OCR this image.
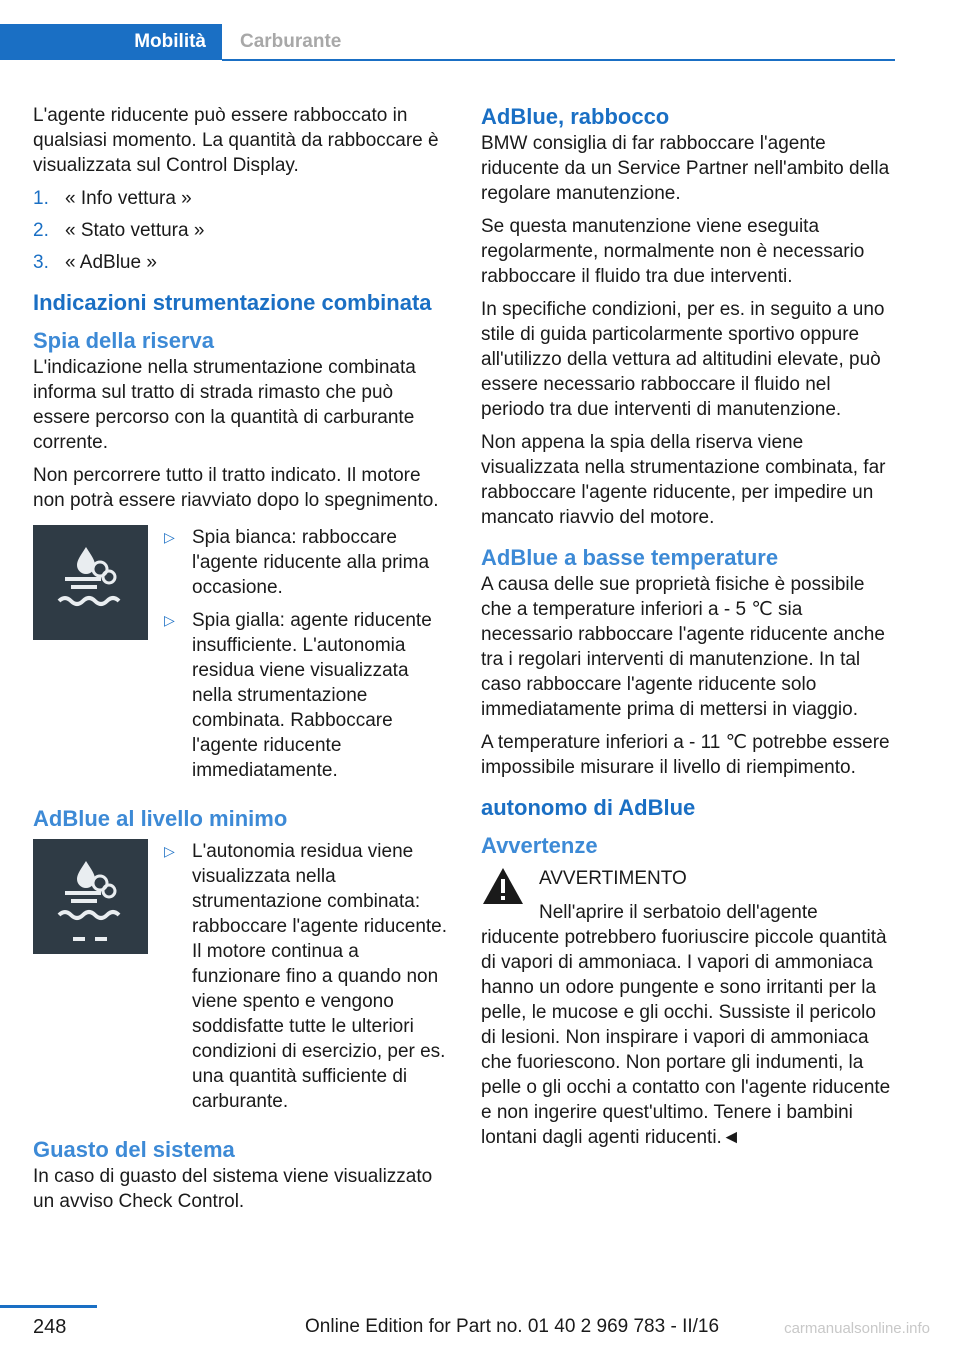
Mobilità	Carburante

L'agente riducente può essere rabboccato in qualsiasi momento. La quantità da rabboccare è visualizzata sul Control Display.

1. « Info vettura »
2. « Stato vettura »
3. « AdBlue »
Indicazioni strumentazione combinata
Spia della riserva

L'indicazione nella strumentazione combinata informa sul tratto di strada rimasto che può essere percorso con la quantità di carburante corrente.

Non percorrere tutto il tratto indicato. Il motore non potrà essere riavviato dopo lo spegnimento.

▷ Spia bianca: rabboccare l'agente riducente alla prima occasione.
▷ Spia gialla: agente riducente insufficiente. L'autonomia residua viene visualizzata nella strumentazione combinata. Rabboccare l'agente riducente immediatamente.
AdBlue al livello minimo
▷ L'autonomia residua viene visualizzata nella strumentazione combinata: rabboccare l'agente riducente. Il motore continua a funzionare fino a quando non viene spento e vengono soddisfatte tutte le ulteriori condizioni di esercizio, per es. una quantità sufficiente di carburante.
Guasto del sistema

In caso di guasto del sistema viene visualizzato un avviso Check Control.

AdBlue, rabbocco

BMW consiglia di far rabboccare l'agente riducente da un Service Partner nell'ambito della regolare manutenzione.

Se questa manutenzione viene eseguita regolarmente, normalmente non è necessario rabboccare il fluido tra due interventi.

In specifiche condizioni, per es. in seguito a uno stile di guida particolarmente sportivo oppure all'utilizzo della vettura ad altitudini elevate, può essere necessario rabboccare il fluido nel periodo tra due interventi di manutenzione.

Non appena la spia della riserva viene visualizzata nella strumentazione combinata, far rabboccare l'agente riducente, per impedire un mancato riavvio del motore.

AdBlue a basse temperature

A causa delle sue proprietà fisiche è possibile che a temperature inferiori a - 5 ℃ sia necessario rabboccare l'agente riducente anche tra i regolari interventi di manutenzione. In tal caso rabboccare l'agente riducente solo immediatamente prima di mettersi in viaggio.

A temperature inferiori a - 11 ℃ potrebbe essere impossibile misurare il livello di riempimento.

autonomo di AdBlue
Avvertenze
AVVERTIMENTO

Nell'aprire il serbatoio dell'agente riducente potrebbero fuoriuscire piccole quantità di vapori di ammoniaca. I vapori di ammoniaca hanno un odore pungente e sono irritanti per la pelle, le mucose e gli occhi. Sussiste il pericolo di lesioni. Non inspirare i vapori di ammoniaca che fuoriescono. Non portare gli indumenti, la pelle o gli occhi a contatto con l'agente riducente e non ingerire quest'ultimo. Tenere i bambini lontani dagli agenti riducenti.◄

248	Online Edition for Part no. 01 40 2 969 783 - II/16	carmanualsonline.info
